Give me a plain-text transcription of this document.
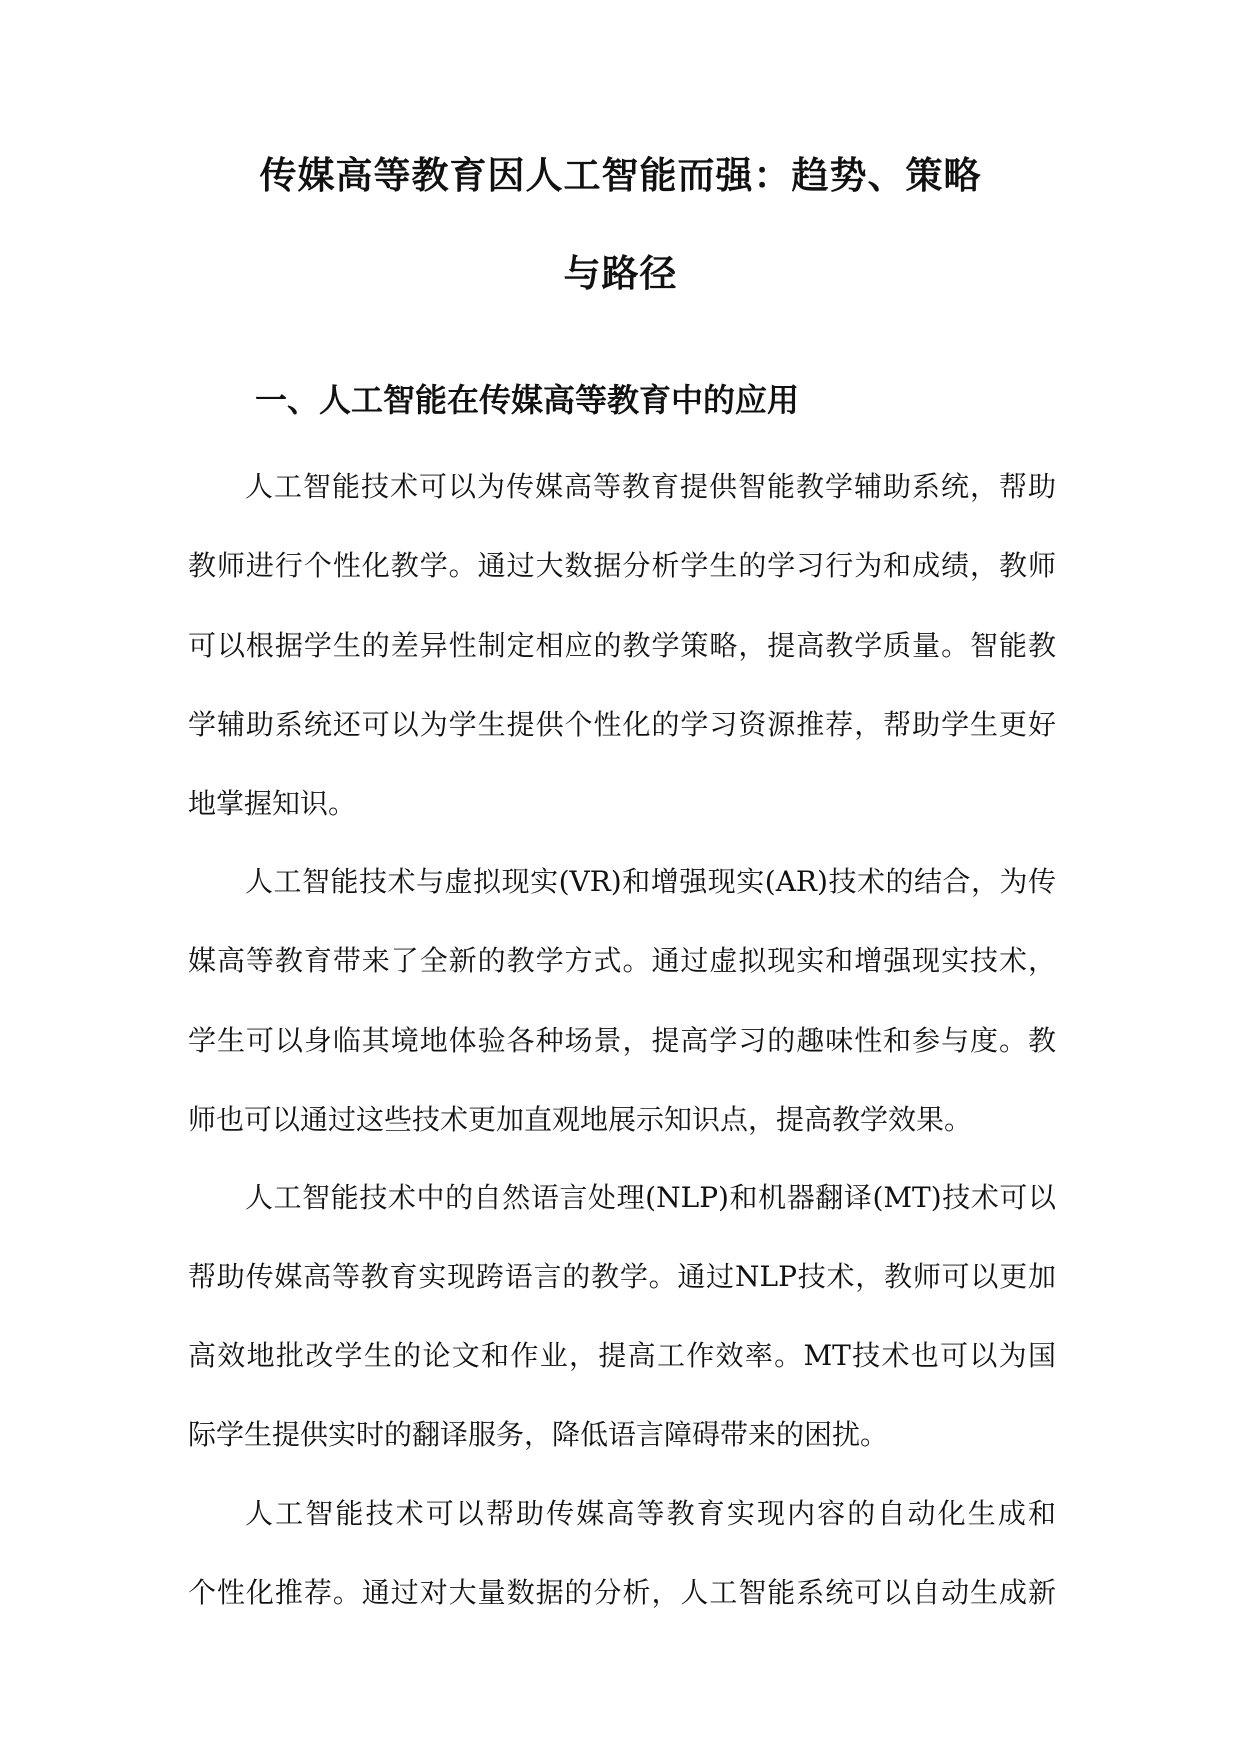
传媒高等教育因人工智能而强：趋势、策略
与路径
一、人工智能在传媒高等教育中的应用

人工智能技术可以为传媒高等教育提供智能教学辅助系统，帮助

教师进行个性化教学。通过大数据分析学生的学习行为和成绩，教师

可以根据学生的差异性制定相应的教学策略，提高教学质量。智能教

学辅助系统还可以为学生提供个性化的学习资源推荐，帮助学生更好

地掌握知识。

人工智能技术与虚拟现实(VR)和增强现实(AR)技术的结合，为传

媒高等教育带来了全新的教学方式。通过虚拟现实和增强现实技术，

学生可以身临其境地体验各种场景，提高学习的趣味性和参与度。教

师也可以通过这些技术更加直观地展示知识点，提高教学效果。

人工智能技术中的自然语言处理(NLP)和机器翻译(MT)技术可以

帮助传媒高等教育实现跨语言的教学。通过NLP技术，教师可以更加

高效地批改学生的论文和作业，提高工作效率。MT技术也可以为国

际学生提供实时的翻译服务，降低语言障碍带来的困扰。

人工智能技术可以帮助传媒高等教育实现内容的自动化生成和

个性化推荐。通过对大量数据的分析，人工智能系统可以自动生成新
